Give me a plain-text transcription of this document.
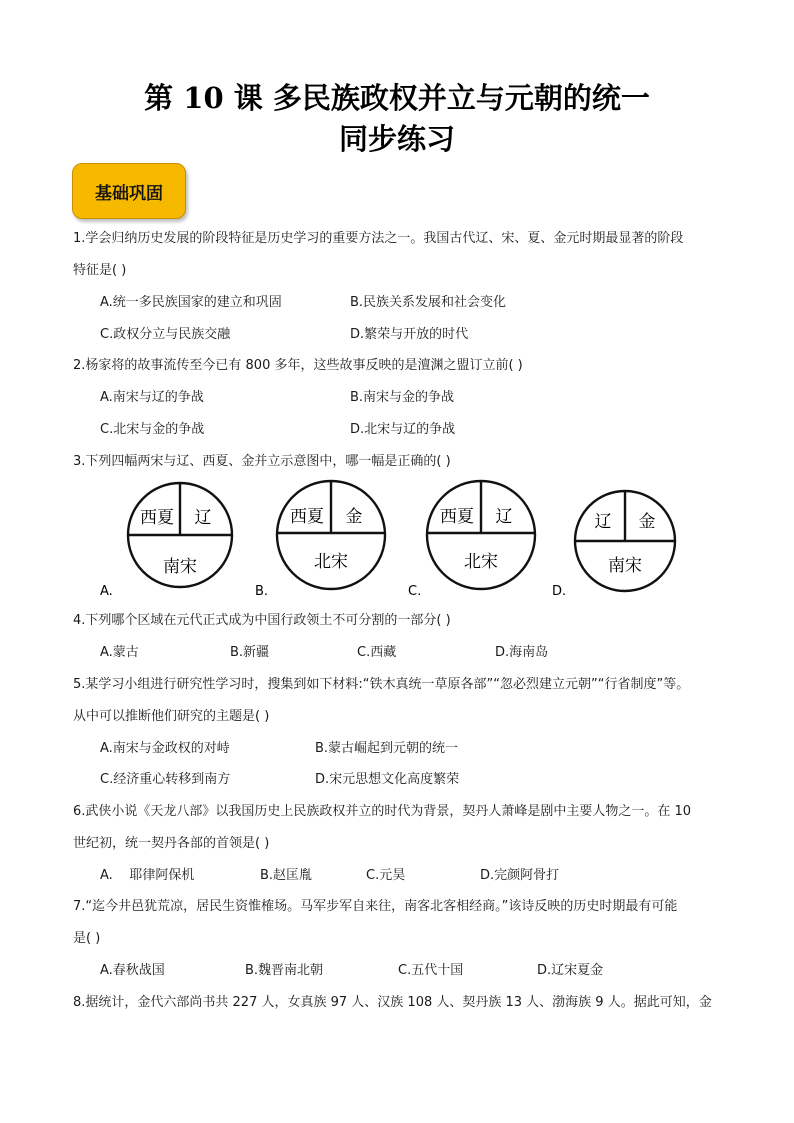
第 10 课 多民族政权并立与元朝的统一
同步练习
基础巩固
1.学会归纳历史发展的阶段特征是历史学习的重要方法之一。我国古代辽、宋、夏、金元时期最显著的阶段
特征是( )
A.统一多民族国家的建立和巩固	B.民族关系发展和社会变化
C.政权分立与民族交融	D.繁荣与开放的时代
2.杨家将的故事流传至今已有 800 多年，这些故事反映的是澶渊之盟订立前( )
A.南宋与辽的争战	B.南宋与金的争战
C.北宋与金的争战	D.北宋与辽的争战
3.下列四幅两宋与辽、西夏、金并立示意图中，哪一幅是正确的( )
西夏 辽
南宋
A.
西夏 金
北宋
B.
西夏 辽
北宋
C.
辽 金
南宋
D.
4.下列哪个区域在元代正式成为中国行政领土不可分割的一部分( )
A.蒙古	B.新疆	C.西藏	D.海南岛
5.某学习小组进行研究性学习时，搜集到如下材料:“铁木真统一草原各部”“忽必烈建立元朝”“行省制度”等。
从中可以推断他们研究的主题是( )
A.南宋与金政权的对峙	B.蒙古崛起到元朝的统一
C.经济重心转移到南方	D.宋元思想文化高度繁荣
6.武侠小说《天龙八部》以我国历史上民族政权并立的时代为背景，契丹人萧峰是剧中主要人物之一。在 10
世纪初，统一契丹各部的首领是( )
A.    耶律阿保机	B.赵匡胤	C.元昊	D.完颜阿骨打
7.“迄今井邑犹荒凉，居民生资惟榷场。马军步军自来往，南客北客相经商。”该诗反映的历史时期最有可能
是( )
A.春秋战国	B.魏晋南北朝	C.五代十国	D.辽宋夏金
8.据统计，金代六部尚书共 227 人，女真族 97 人、汉族 108 人、契丹族 13 人、渤海族 9 人。据此可知，金
